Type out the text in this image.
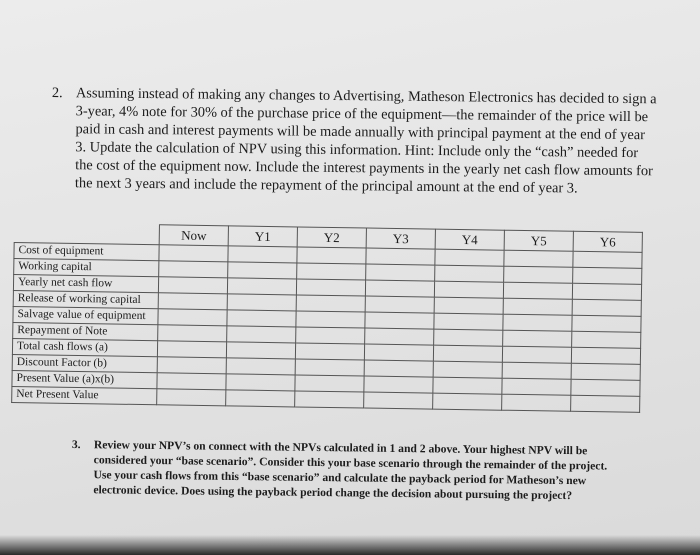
2. Assuming instead of making any changes to Advertising, Matheson Electronics has decided to sign a 3-year, 4% note for 30% of the purchase price of the equipment—the remainder of the price will be paid in cash and interest payments will be made annually with principal payment at the end of year 3. Update the calculation of NPV using this information. Hint: Include only the “cash” needed for the cost of the equipment now. Include the interest payments in the yearly net cash flow amounts for the next 3 years and include the repayment of the principal amount at the end of year 3.
	Now	Y1	Y2	Y3	Y4	Y5	Y6
Cost of equipment							
Working capital							
Yearly net cash flow							
Release of working capital							
Salvage value of equipment							
Repayment of Note							
Total cash flows (a)							
Discount Factor (b)							
Present Value (a)x(b)							
Net Present Value							
3. Review your NPV’s on connect with the NPVs calculated in 1 and 2 above. Your highest NPV will be considered your “base scenario”. Consider this your base scenario through the remainder of the project. Use your cash flows from this “base scenario” and calculate the payback period for Matheson’s new electronic device. Does using the payback period change the decision about pursuing the project?
